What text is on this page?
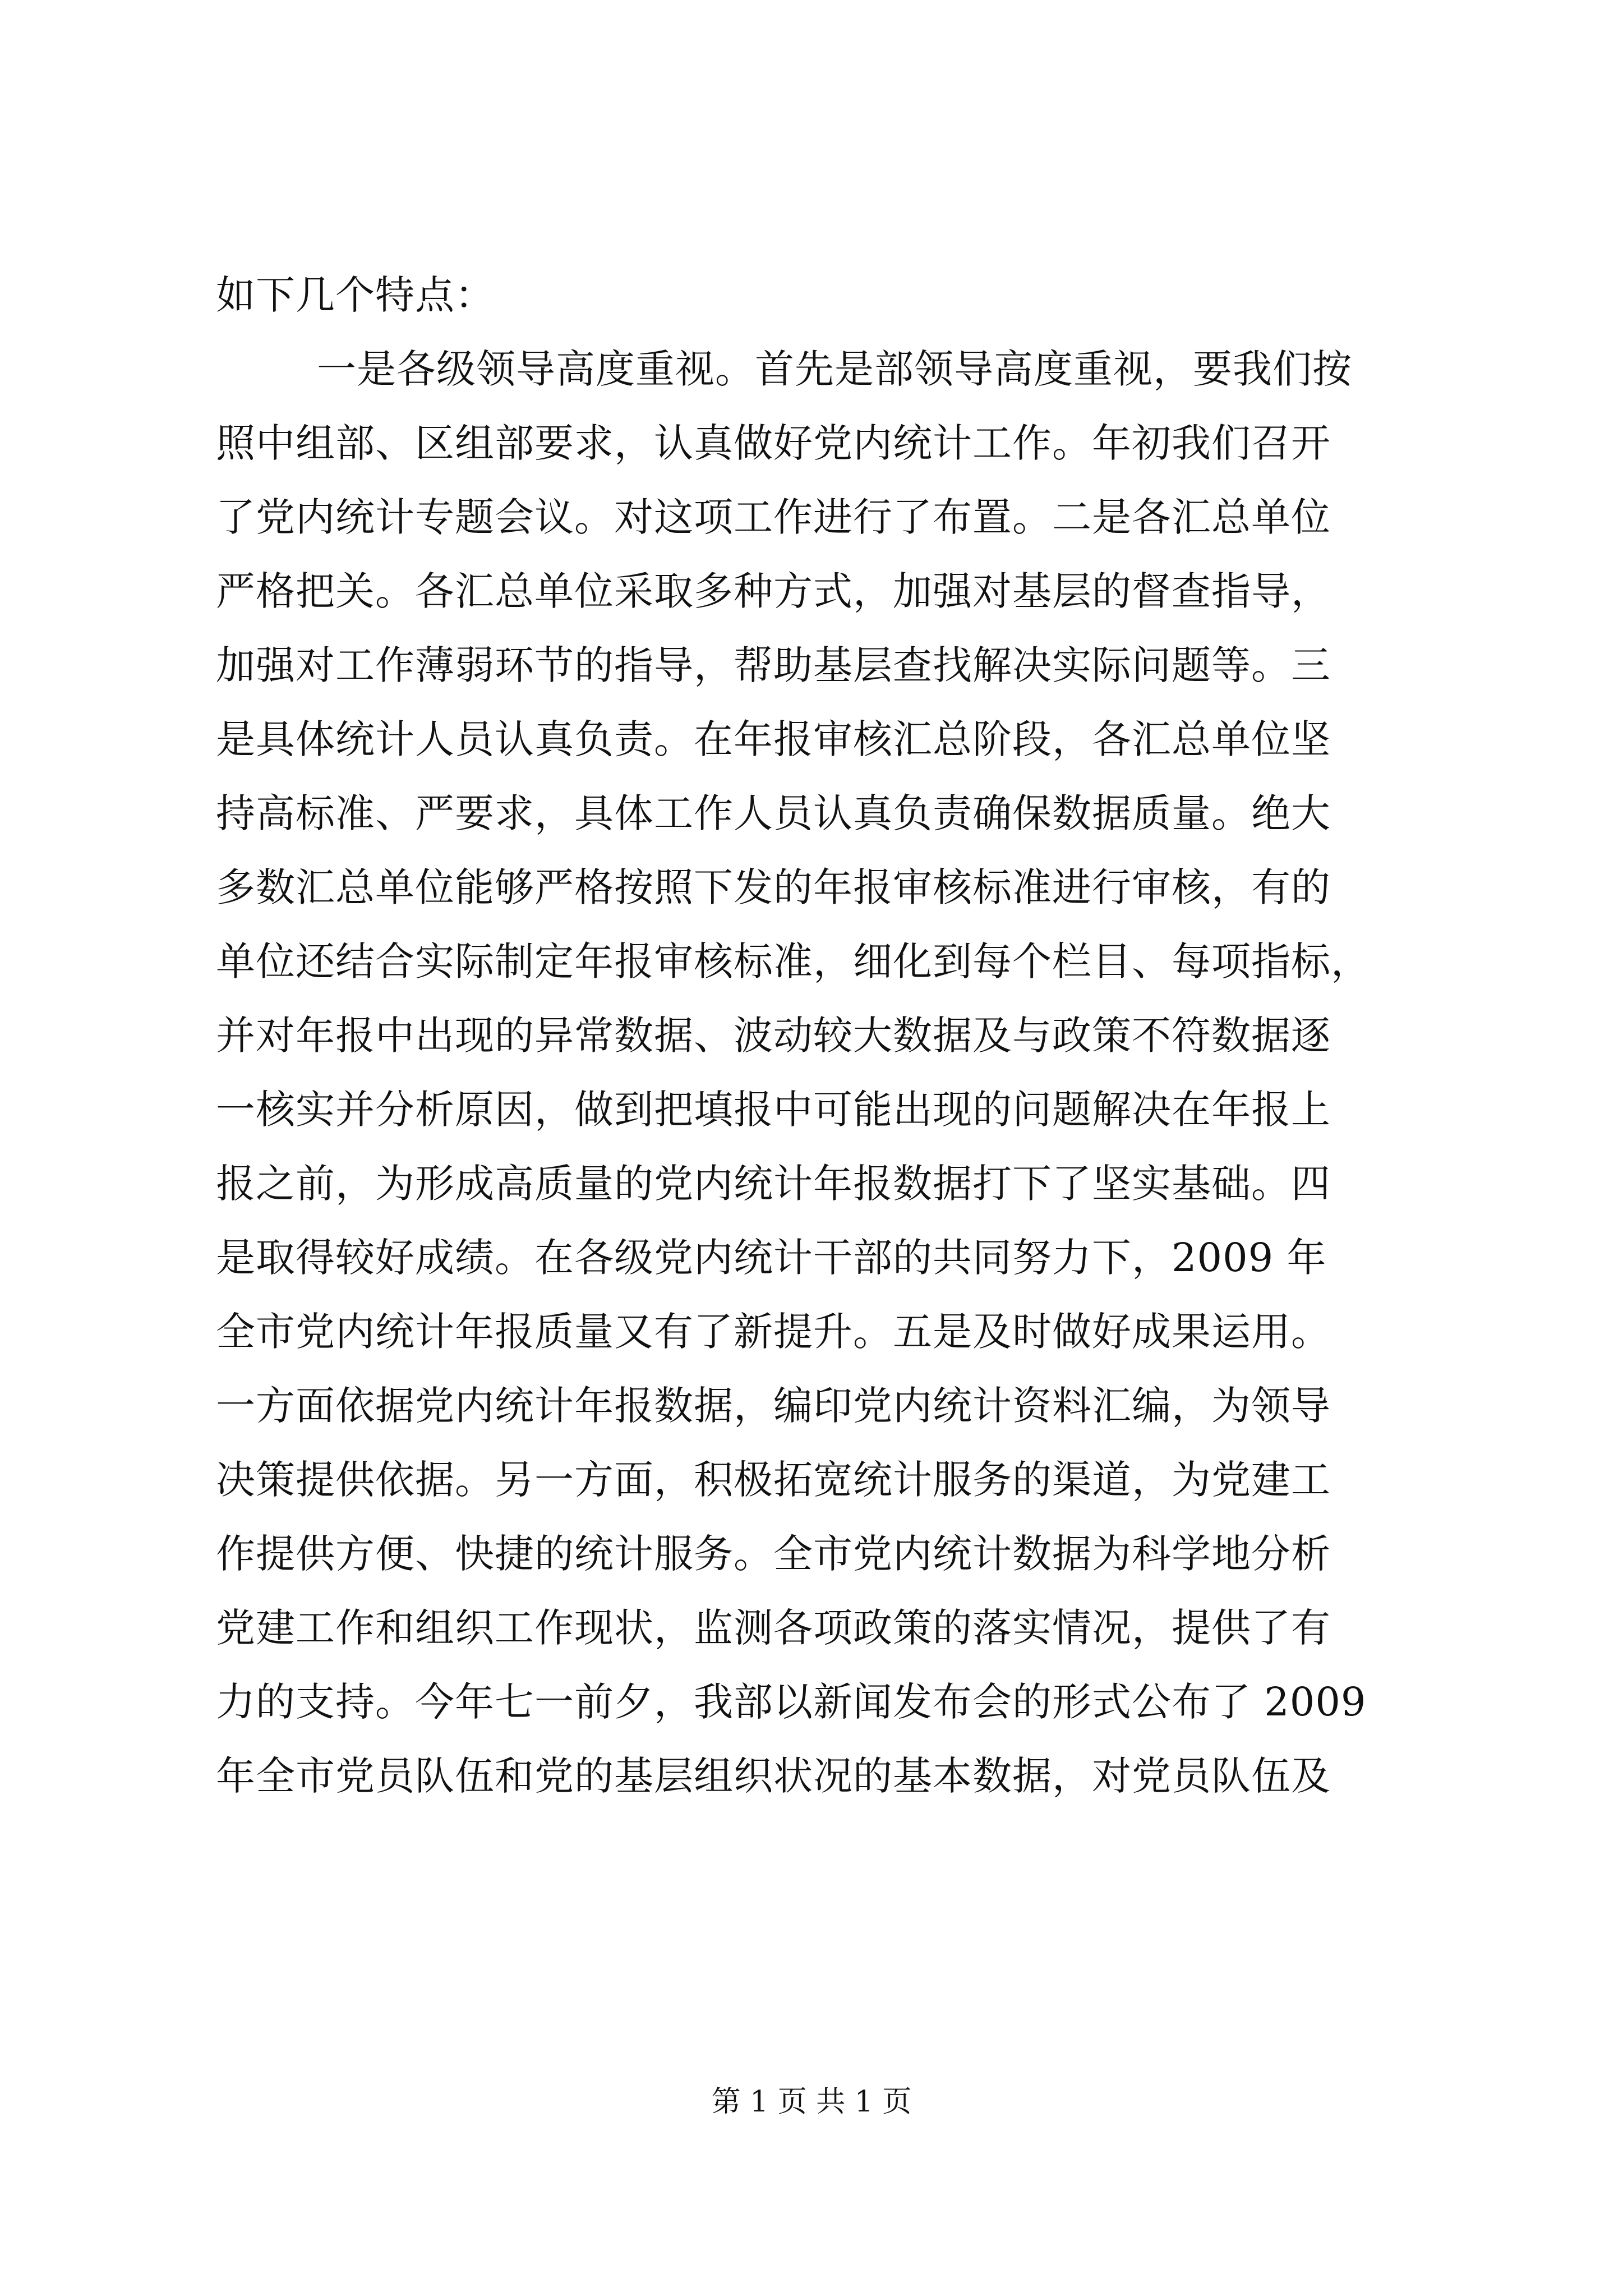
如下几个特点：
一是各级领导高度重视。首先是部领导高度重视，要我们按
照中组部、区组部要求，认真做好党内统计工作。年初我们召开
了党内统计专题会议。对这项工作进行了布置。二是各汇总单位
严格把关。各汇总单位采取多种方式，加强对基层的督查指导，
加强对工作薄弱环节的指导，帮助基层查找解决实际问题等。三
是具体统计人员认真负责。在年报审核汇总阶段，各汇总单位坚
持高标准、严要求，具体工作人员认真负责确保数据质量。绝大
多数汇总单位能够严格按照下发的年报审核标准进行审核，有的
单位还结合实际制定年报审核标准，细化到每个栏目、每项指标，
并对年报中出现的异常数据、波动较大数据及与政策不符数据逐
一核实并分析原因，做到把填报中可能出现的问题解决在年报上
报之前，为形成高质量的党内统计年报数据打下了坚实基础。四
是取得较好成绩。在各级党内统计干部的共同努力下，2009 年
全市党内统计年报质量又有了新提升。五是及时做好成果运用。
一方面依据党内统计年报数据，编印党内统计资料汇编，为领导
决策提供依据。另一方面，积极拓宽统计服务的渠道，为党建工
作提供方便、快捷的统计服务。全市党内统计数据为科学地分析
党建工作和组织工作现状，监测各项政策的落实情况，提供了有
力的支持。今年七一前夕，我部以新闻发布会的形式公布了 2009
年全市党员队伍和党的基层组织状况的基本数据，对党员队伍及
第 1 页 共 1 页
